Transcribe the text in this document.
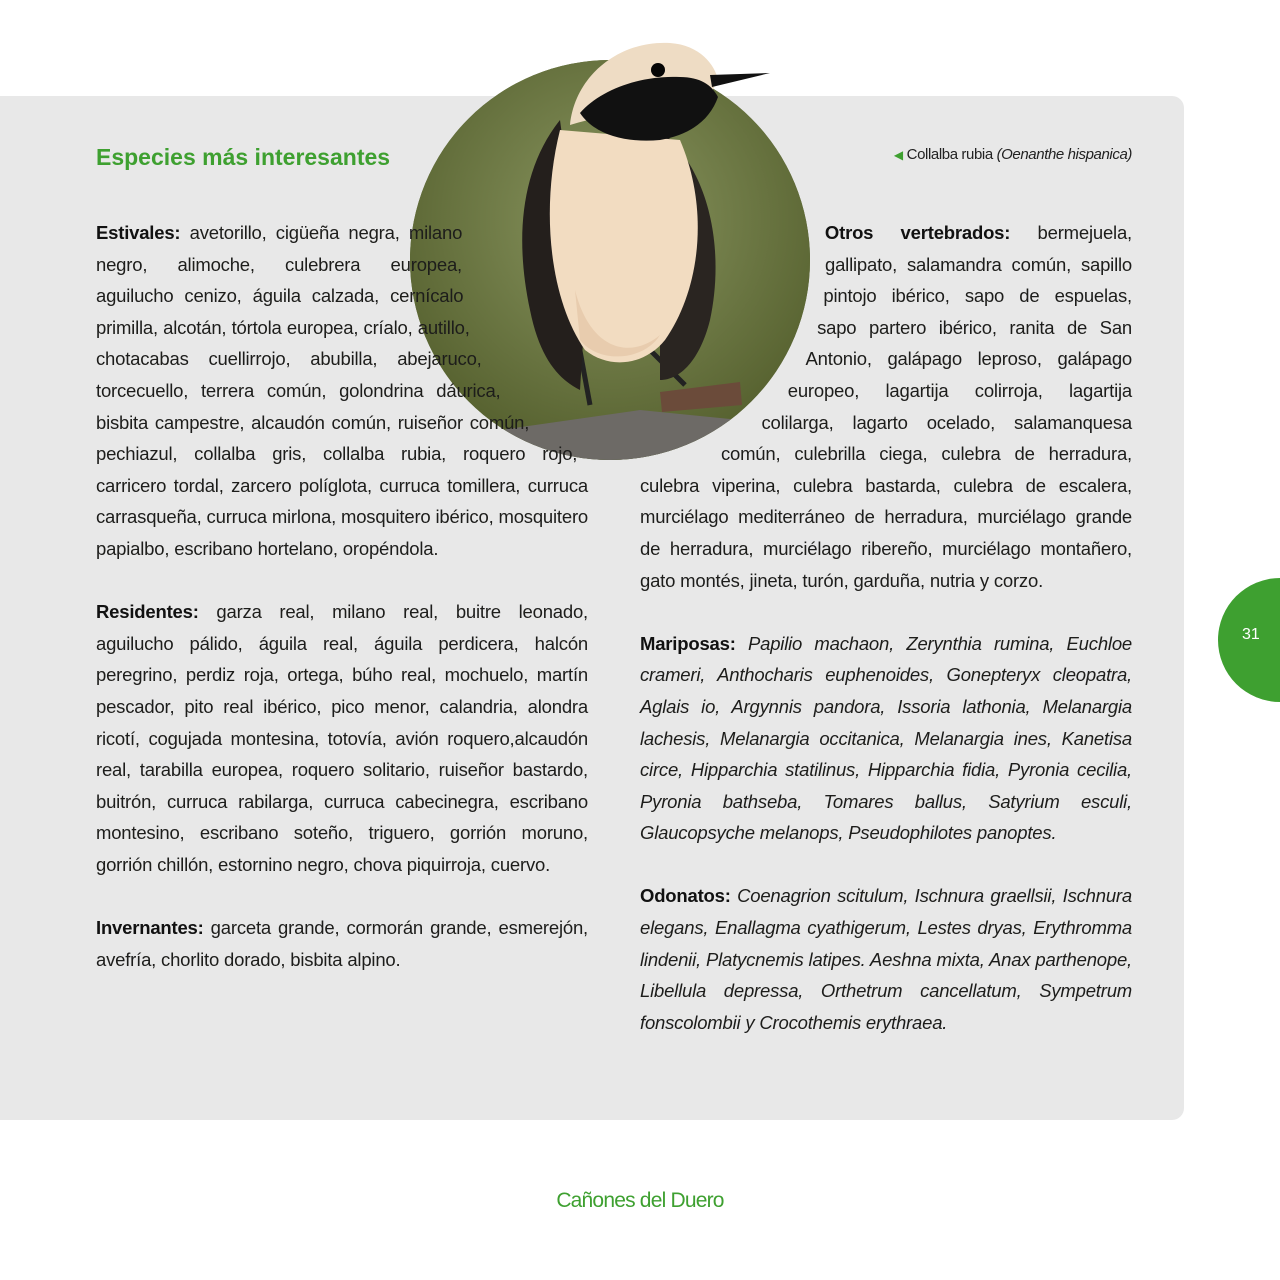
Especies más interesantes	◀ Collalba rubia (Oenanthe hispanica)

Estivales: avetorillo, cigüeña negra, milano negro, alimoche, culebrera europea, aguilucho cenizo, águila calzada, cernícalo primilla, alcotán, tórtola europea, críalo, autillo, chotacabas cuellirrojo, abubilla, abejaruco, torcecuello, terrera común, golondrina dáurica, bisbita campestre, alcaudón común, ruiseñor común, pechiazul, collalba gris, collalba rubia, roquero rojo, carricero tordal, zarcero políglota, curruca tomillera, curruca carrasqueña, curruca mirlona, mosquitero ibérico, mosquitero papialbo, escribano hortelano, oropéndola.

Residentes: garza real, milano real, buitre leonado, aguilucho pálido, águila real, águila perdicera, halcón peregrino, perdiz roja, ortega, búho real, mochuelo, martín pescador, pito real ibérico, pico menor, calandria, alondra ricotí, cogujada montesina, totovía, avión roquero,alcaudón real, tarabilla europea, roquero solitario, ruiseñor bastardo, buitrón, curruca rabilarga, curruca cabecinegra, escribano montesino, escribano soteño, triguero, gorrión moruno, gorrión chillón, estornino negro, chova piquirroja, cuervo.

Invernantes: garceta grande, cormorán grande, esmerejón, avefría, chorlito dorado, bisbita alpino.

Otros vertebrados: bermejuela, gallipato, salamandra común, sapillo pintojo ibérico, sapo de espuelas, sapo partero ibérico, ranita de San Antonio, galápago leproso, galápago europeo, lagartija colirroja, lagartija colilarga, lagarto ocelado, salamanquesa común, culebrilla ciega, culebra de herradura, culebra viperina, culebra bastarda, culebra de escalera, murciélago mediterráneo de herradura, murciélago grande de herradura, murciélago ribereño, murciélago montañero, gato montés, jineta, turón, garduña, nutria y corzo.

Mariposas: Papilio machaon, Zerynthia rumina, Euchloe crameri, Anthocharis euphenoides, Gonepteryx cleopatra, Aglais io, Argynnis pandora, Issoria lathonia, Melanargia lachesis, Melanargia occitanica, Melanargia ines, Kanetisa circe, Hipparchia statilinus, Hipparchia fidia, Pyronia cecilia, Pyronia bathseba, Tomares ballus, Satyrium esculi, Glaucopsyche melanops, Pseudophilotes panoptes.

Odonatos: Coenagrion scitulum, Ischnura graellsii, Ischnura elegans, Enallagma cyathigerum, Lestes dryas, Erythromma lindenii, Platycnemis latipes. Aeshna mixta, Anax parthenope, Libellula depressa, Orthetrum cancellatum, Sympetrum fonscolombii y Crocothemis erythraea.

31
Cañones del Duero
